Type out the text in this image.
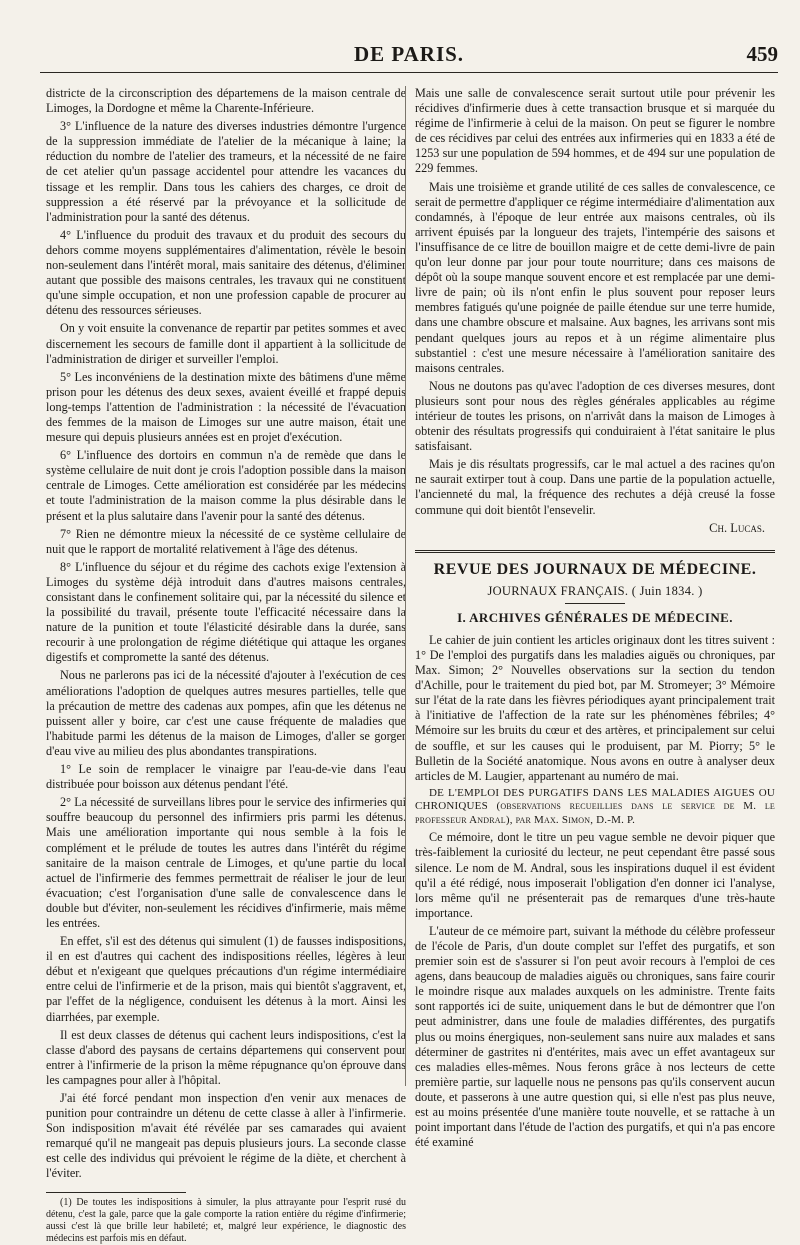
DE PARIS.	459

districte de la circonscription des départemens de la maison centrale de Limoges, la Dordogne et même la Charente-Inférieure.

3° L'influence de la nature des diverses industries démontre l'urgence de la suppression immédiate de l'atelier de la mécanique à laine; la réduction du nombre de l'atelier des trameurs, et la nécessité de ne faire de cet atelier qu'un passage accidentel pour attendre les vacances du tissage et les remplir. Dans tous les cahiers des charges, ce droit de suppression a été réservé par la prévoyance et la sollicitude de l'administration pour la santé des détenus.

4° L'influence du produit des travaux et du produit des secours du dehors comme moyens supplémentaires d'alimentation, révèle le besoin non-seulement dans l'intérêt moral, mais sanitaire des détenus, d'éliminer autant que possible des maisons centrales, les travaux qui ne constituent qu'une simple occupation, et non une profession capable de procurer au détenu des ressources sérieuses.

On y voit ensuite la convenance de repartir par petites sommes et avec discernement les secours de famille dont il appartient à la sollicitude de l'administration de diriger et surveiller l'emploi.

5° Les inconvéniens de la destination mixte des bâtimens d'une même prison pour les détenus des deux sexes, avaient éveillé et frappé depuis long-temps l'attention de l'administration : la nécessité de l'évacuation des femmes de la maison de Limoges sur une autre maison, était une mesure qui depuis plusieurs années est en projet d'exécution.

6° L'influence des dortoirs en commun n'a de remède que dans le système cellulaire de nuit dont je crois l'adoption possible dans la maison centrale de Limoges. Cette amélioration est considérée par les médecins et toute l'administration de la maison comme la plus désirable dans le présent et la plus salutaire dans l'avenir pour la santé des détenus.

7° Rien ne démontre mieux la nécessité de ce système cellulaire de nuit que le rapport de mortalité relativement à l'âge des détenus.

8° L'influence du séjour et du régime des cachots exige l'extension à Limoges du système déjà introduit dans d'autres maisons centrales, consistant dans le confinement solitaire qui, par la nécessité du silence et la possibilité du travail, présente toute l'efficacité nécessaire dans la nature de la punition et toute l'élasticité désirable dans la durée, sans recourir à une prolongation de régime diététique qui attaque les organes digestifs et compromette la santé des détenus.

Nous ne parlerons pas ici de la nécessité d'ajouter à l'exécution de ces améliorations l'adoption de quelques autres mesures partielles, telle que la précaution de mettre des cadenas aux pompes, afin que les détenus ne puissent aller y boire, car c'est une cause fréquente de maladies que l'habitude parmi les détenus de la maison de Limoges, d'aller se gorger d'eau vive au milieu des plus abondantes transpirations.

1° Le soin de remplacer le vinaigre par l'eau-de-vie dans l'eau distribuée pour boisson aux détenus pendant l'été.

2° La nécessité de surveillans libres pour le service des infirmeries qui souffre beaucoup du personnel des infirmiers pris parmi les détenus. Mais une amélioration importante qui nous semble à la fois le complément et le prélude de toutes les autres dans l'intérêt du régime sanitaire de la maison centrale de Limoges, et qu'une partie du local actuel de l'infirmerie des femmes permettrait de réaliser le jour de leur évacuation; c'est l'organisation d'une salle de convalescence dans le double but d'éviter, non-seulement les récidives d'infirmerie, mais même les entrées.

En effet, s'il est des détenus qui simulent (1) de fausses indispositions, il en est d'autres qui cachent des indispositions réelles, légères à leur début et n'exigeant que quelques précautions d'un régime intermédiaire entre celui de l'infirmerie et de la prison, mais qui bientôt s'aggravent, et, par l'effet de la négligence, conduisent les détenus à la mort. Ainsi les diarrhées, par exemple.

Il est deux classes de détenus qui cachent leurs indispositions, c'est la classe d'abord des paysans de certains départemens qui conservent pour entrer à l'infirmerie de la prison la même répugnance qu'on éprouve dans les campagnes pour aller à l'hôpital.

J'ai été forcé pendant mon inspection d'en venir aux menaces de punition pour contraindre un détenu de cette classe à aller à l'infirmerie. Son indisposition m'avait été révélée par ses camarades qui avaient remarqué qu'il ne mangeait pas depuis plusieurs jours. La seconde classe est celle des individus qui prévoient le régime de la diète, et cherchent à l'éviter.

(1) De toutes les indispositions à simuler, la plus attrayante pour l'esprit rusé du détenu, c'est la gale, parce que la gale comporte la ration entière du régime d'infirmerie; aussi c'est là que brille leur habileté; et, malgré leur expérience, le diagnostic des médecins est parfois mis en défaut.

Mais une salle de convalescence serait surtout utile pour prévenir les récidives d'infirmerie dues à cette transaction brusque et si marquée du régime de l'infirmerie à celui de la maison. On peut se figurer le nombre de ces récidives par celui des entrées aux infirmeries qui en 1833 a été de 1253 sur une population de 594 hommes, et de 494 sur une population de 229 femmes.

Mais une troisième et grande utilité de ces salles de convalescence, ce serait de permettre d'appliquer ce régime intermédiaire d'alimentation aux condamnés, à l'époque de leur entrée aux maisons centrales, où ils arrivent épuisés par la longueur des trajets, l'intempérie des saisons et l'insuffisance de ce litre de bouillon maigre et de cette demi-livre de pain qu'on leur donne par jour pour toute nourriture; dans ces maisons de dépôt où la soupe manque souvent encore et est remplacée par une demi-livre de pain; où ils n'ont enfin le plus souvent pour reposer leurs membres fatigués qu'une poignée de paille étendue sur une terre humide, dans une chambre obscure et malsaine. Aux bagnes, les arrivans sont mis pendant quelques jours au repos et à un régime alimentaire plus substantiel : c'est une mesure nécessaire à l'amélioration sanitaire des maisons centrales.

Nous ne doutons pas qu'avec l'adoption de ces diverses mesures, dont plusieurs sont pour nous des règles générales applicables au régime intérieur de toutes les prisons, on n'arrivât dans la maison de Limoges à obtenir des résultats progressifs qui conduiraient à l'état sanitaire le plus satisfaisant.

Mais je dis résultats progressifs, car le mal actuel a des racines qu'on ne saurait extirper tout à coup. Dans une partie de la population actuelle, l'ancienneté du mal, la fréquence des rechutes a déjà creusé la fosse commune qui doit bientôt l'ensevelir.

Ch. Lucas.
REVUE DES JOURNAUX DE MÉDECINE.
JOURNAUX FRANÇAIS. ( Juin 1834. )
I. ARCHIVES GÉNÉRALES DE MÉDECINE.

Le cahier de juin contient les articles originaux dont les titres suivent : 1° De l'emploi des purgatifs dans les maladies aiguës ou chroniques, par Max. Simon; 2° Nouvelles observations sur la section du tendon d'Achille, pour le traitement du pied bot, par M. Stromeyer; 3° Mémoire sur l'état de la rate dans les fièvres périodiques ayant principalement trait à l'initiative de l'affection de la rate sur les phénomènes fébriles; 4° Mémoire sur les bruits du cœur et des artères, et principalement sur celui de souffle, et sur les causes qui le produisent, par M. Piorry; 5° le Bulletin de la Société anatomique. Nous avons en outre à analyser deux articles de M. Laugier, appartenant au numéro de mai.

DE L'EMPLOI DES PURGATIFS DANS LES MALADIES AIGUES OU CHRONIQUES (observations recueillies dans le service de M. le professeur Andral), par Max. Simon, D.-M. P.

Ce mémoire, dont le titre un peu vague semble ne devoir piquer que très-faiblement la curiosité du lecteur, ne peut cependant être passé sous silence. Le nom de M. Andral, sous les inspirations duquel il est évident qu'il a été rédigé, nous imposerait l'obligation d'en donner ici l'analyse, lors même qu'il ne présenterait pas de remarques d'une très-haute importance.

L'auteur de ce mémoire part, suivant la méthode du célèbre professeur de l'école de Paris, d'un doute complet sur l'effet des purgatifs, et son premier soin est de s'assurer si l'on peut avoir recours à l'emploi de ces agens, dans beaucoup de maladies aiguës ou chroniques, sans faire courir le moindre risque aux malades auxquels on les administre. Trente faits sont rapportés ici de suite, uniquement dans le but de démontrer que l'on peut administrer, dans une foule de maladies différentes, des purgatifs plus ou moins énergiques, non-seulement sans nuire aux malades et sans déterminer de gastrites ni d'entérites, mais avec un effet avantageux sur ces maladies elles-mêmes. Nous ferons grâce à nos lecteurs de cette première partie, sur laquelle nous ne pensons pas qu'ils conservent aucun doute, et passerons à une autre question qui, si elle n'est pas plus neuve, est au moins présentée d'une manière toute nouvelle, et se rattache à un point important dans l'étude de l'action des purgatifs, et qui n'a pas encore été examiné
